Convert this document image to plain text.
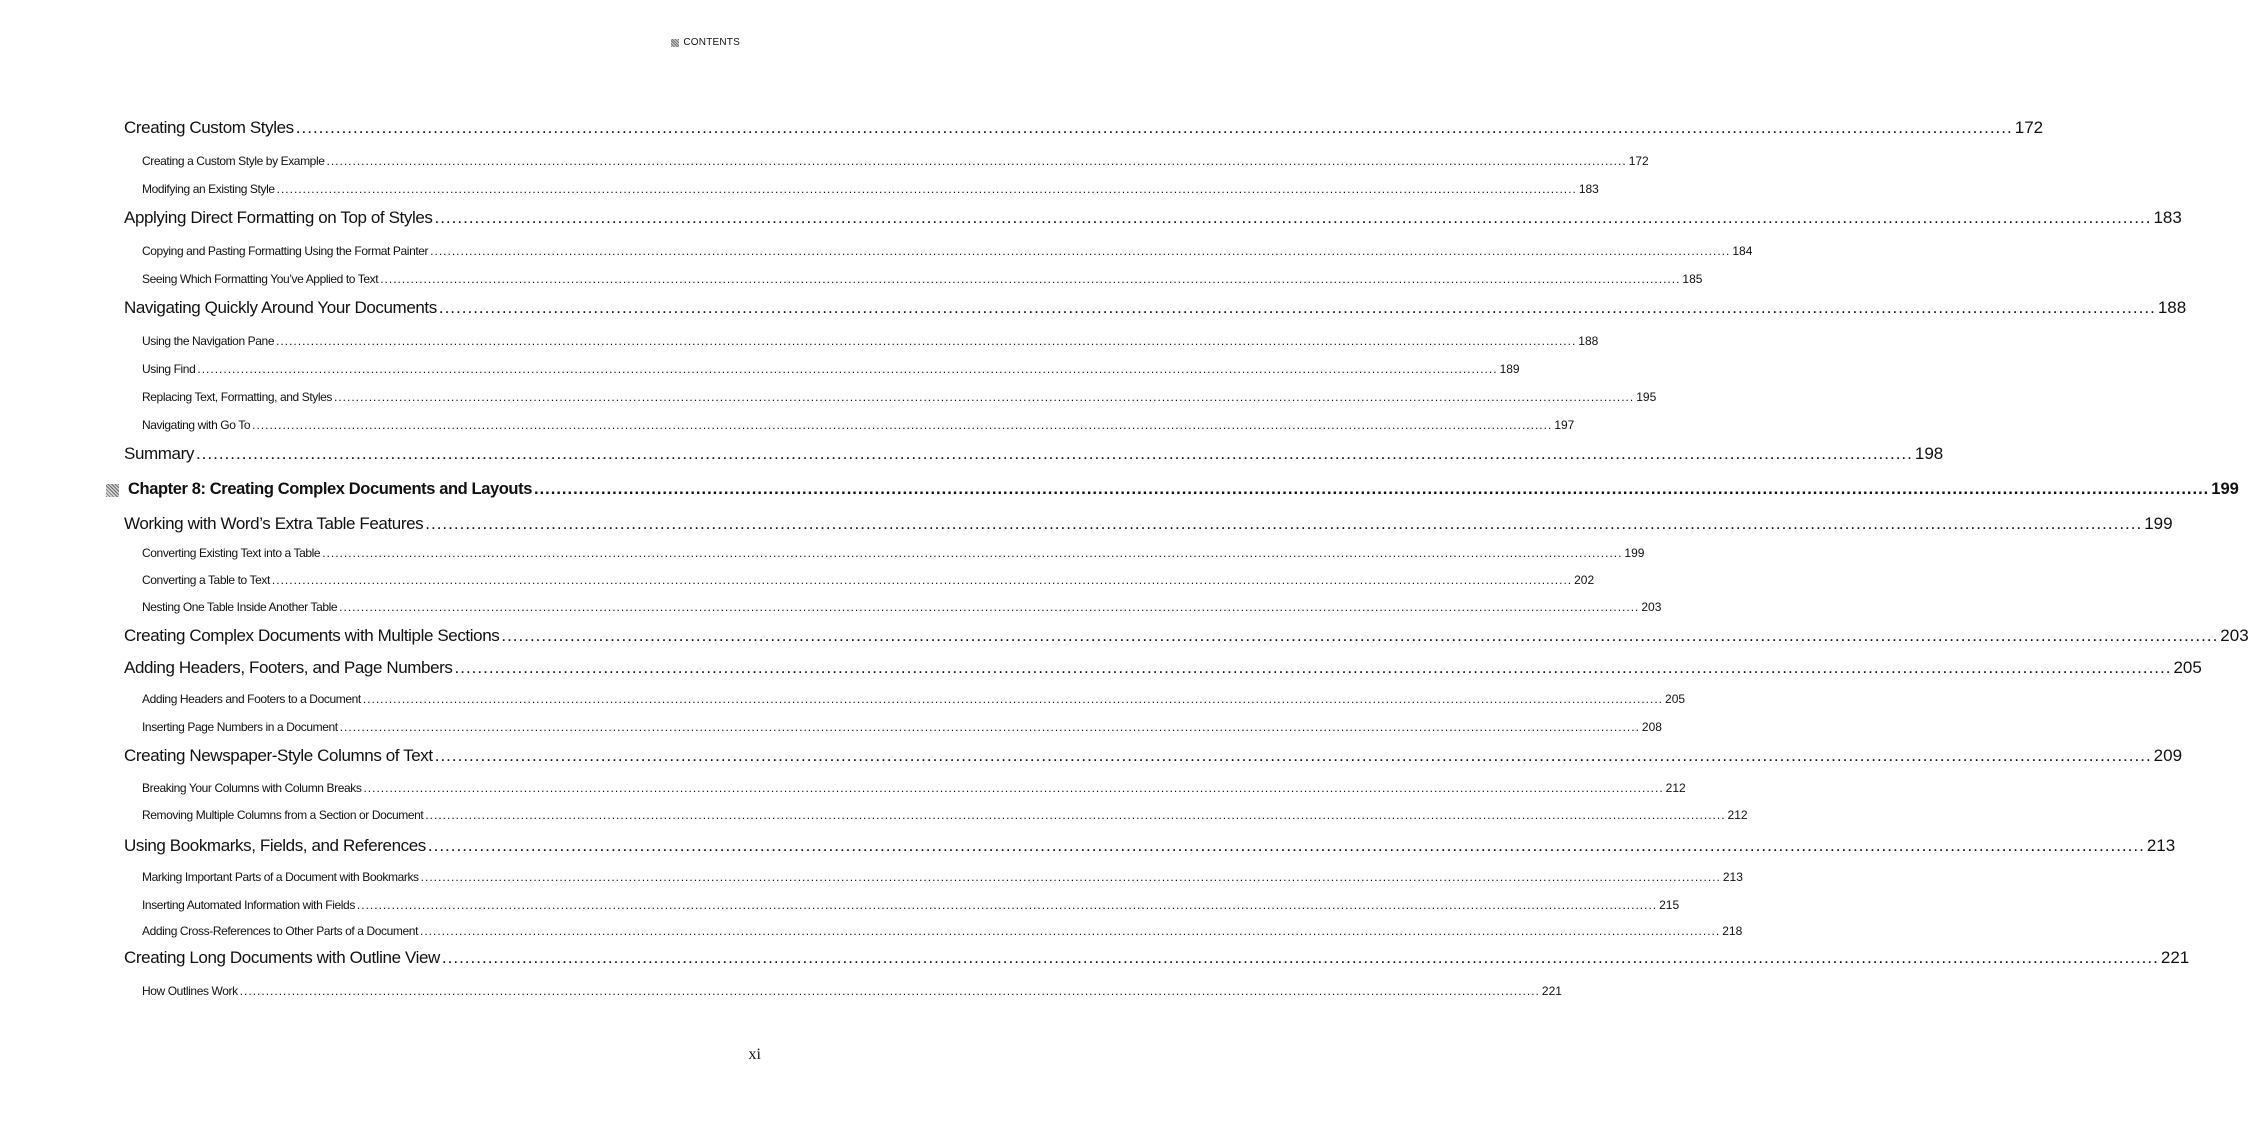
CONTENTS
Creating Custom Styles ............................................................................................................................................................................................................................................................................................................ 172
Creating a Custom Style by Example ............................................................................................................................................................................................................................................................................................................ 172
Modifying an Existing Style ............................................................................................................................................................................................................................................................................................................ 183
Applying Direct Formatting on Top of Styles ............................................................................................................................................................................................................................................................................................................ 183
Copying and Pasting Formatting Using the Format Painter ............................................................................................................................................................................................................................................................................................................ 184
Seeing Which Formatting You’ve Applied to Text ............................................................................................................................................................................................................................................................................................................ 185
Navigating Quickly Around Your Documents ............................................................................................................................................................................................................................................................................................................ 188
Using the Navigation Pane ............................................................................................................................................................................................................................................................................................................ 188
Using Find ............................................................................................................................................................................................................................................................................................................ 189
Replacing Text, Formatting, and Styles ............................................................................................................................................................................................................................................................................................................ 195
Navigating with Go To ............................................................................................................................................................................................................................................................................................................ 197
Summary ............................................................................................................................................................................................................................................................................................................ 198
Chapter 8: Creating Complex Documents and Layouts ............................................................................................................................................................................................................................................................................................................ 199
Working with Word’s Extra Table Features ............................................................................................................................................................................................................................................................................................................ 199
Converting Existing Text into a Table ............................................................................................................................................................................................................................................................................................................ 199
Converting a Table to Text ............................................................................................................................................................................................................................................................................................................ 202
Nesting One Table Inside Another Table ............................................................................................................................................................................................................................................................................................................ 203
Creating Complex Documents with Multiple Sections ............................................................................................................................................................................................................................................................................................................ 203
Adding Headers, Footers, and Page Numbers ............................................................................................................................................................................................................................................................................................................ 205
Adding Headers and Footers to a Document ............................................................................................................................................................................................................................................................................................................ 205
Inserting Page Numbers in a Document ............................................................................................................................................................................................................................................................................................................ 208
Creating Newspaper-Style Columns of Text ............................................................................................................................................................................................................................................................................................................ 209
Breaking Your Columns with Column Breaks ............................................................................................................................................................................................................................................................................................................ 212
Removing Multiple Columns from a Section or Document ............................................................................................................................................................................................................................................................................................................ 212
Using Bookmarks, Fields, and References ............................................................................................................................................................................................................................................................................................................ 213
Marking Important Parts of a Document with Bookmarks ............................................................................................................................................................................................................................................................................................................ 213
Inserting Automated Information with Fields ............................................................................................................................................................................................................................................................................................................ 215
Adding Cross-References to Other Parts of a Document ............................................................................................................................................................................................................................................................................................................ 218
Creating Long Documents with Outline View ............................................................................................................................................................................................................................................................................................................ 221
How Outlines Work ............................................................................................................................................................................................................................................................................................................ 221
xi
